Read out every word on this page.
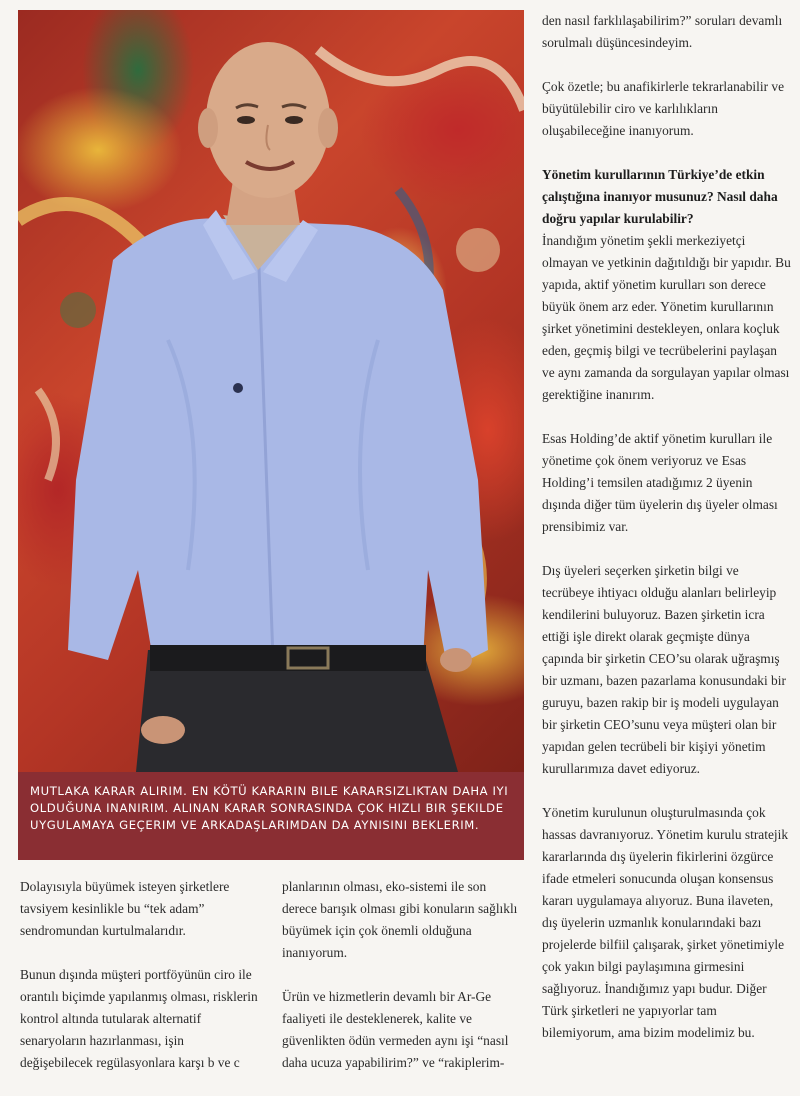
MUTLAKA KARAR ALIRIM. EN KÖTÜ KARARIN BILE KARARSIZLIKTAN DAHA IYI OLDUĞUNA INANIRIM. ALINAN KARAR SONRASINDA ÇOK HIZLI BIR ŞEKILDE UYGULAMAYA GEÇERIM VE ARKADAŞLARIMDAN DA AYNISINI BEKLERIM.

den nasıl farklılaşabilirim?” soruları devamlı sorulmalı düşüncesindeyim.

Çok özetle; bu anafikirlerle tekrarlanabilir ve büyütülebilir ciro ve karlılıkların oluşabileceğine inanıyorum.

Yönetim kurullarının Türkiye’de etkin çalıştığına inanıyor musunuz? Nasıl daha doğru yapılar kurulabilir?

İnandığım yönetim şekli merkeziyetçi olmayan ve yetkinin dağıtıldığı bir yapıdır. Bu yapıda, aktif yönetim kurulları son derece büyük önem arz eder. Yönetim kurullarının şirket yönetimini destekleyen, onlara koçluk eden, geçmiş bilgi ve tecrübelerini paylaşan ve aynı zamanda da sorgulayan yapılar olması gerektiğine inanırım.

Esas Holding’de aktif yönetim kurulları ile yönetime çok önem veriyoruz ve Esas Holding’i temsilen atadığımız 2 üyenin dışında diğer tüm üyelerin dış üyeler olması prensibimiz var.

Dış üyeleri seçerken şirketin bilgi ve tecrübeye ihtiyacı olduğu alanları belirleyip kendilerini buluyoruz. Bazen şirketin icra ettiği işle direkt olarak geçmişte dünya çapında bir şirketin CEO’su olarak uğraşmış bir uzmanı, bazen pazarlama konusundaki bir guruyu, bazen rakip bir iş modeli uygulayan bir şirketin CEO’sunu veya müşteri olan bir yapıdan gelen tecrübeli bir kişiyi yönetim kurullarımıza davet ediyoruz.

Yönetim kurulunun oluşturulmasında çok hassas davranıyoruz. Yönetim kurulu stratejik kararlarında dış üyelerin fikirlerini özgürce ifade etmeleri sonucunda oluşan konsensus kararı uygulamaya alıyoruz. Buna ilaveten, dış üyelerin uzmanlık konularındaki bazı projelerde bilfiil çalışarak, şirket yönetimiyle çok yakın bilgi paylaşımına girmesini sağlıyoruz. İnandığımız yapı budur. Diğer Türk şirketleri ne yapıyorlar tam bilemiyorum, ama bizim modelimiz bu.

Dolayısıyla büyümek isteyen şirketlere tavsiyem kesinlikle bu “tek adam” sendromundan kurtulmalarıdır.

Bunun dışında müşteri portföyünün ciro ile orantılı biçimde yapılanmış olması, risklerin kontrol altında tutularak alternatif senaryoların hazırlanması, işin değişebilecek regülasyonlara karşı b ve c

planlarının olması, eko-sistemi ile son derece barışık olması gibi konuların sağlıklı büyümek için çok önemli olduğuna inanıyorum.

Ürün ve hizmetlerin devamlı bir Ar-Ge faaliyeti ile desteklenerek, kalite ve güvenlikten ödün vermeden aynı işi “nasıl daha ucuza yapabilirim?” ve “rakiplerim-
